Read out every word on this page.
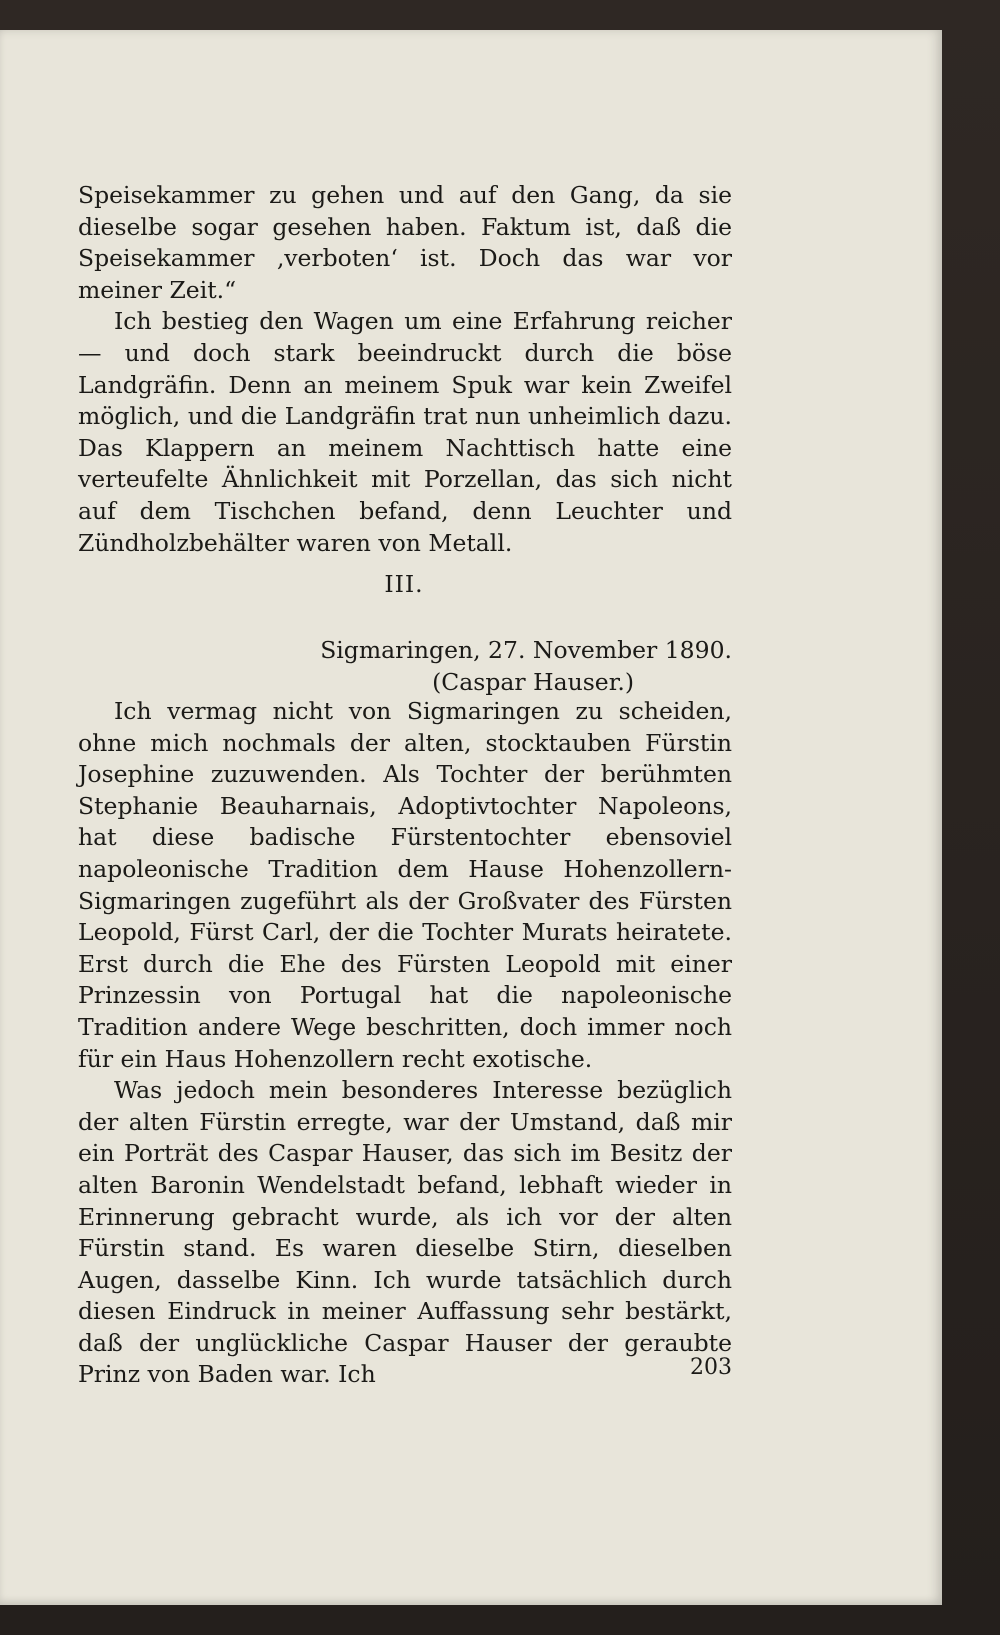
Speisekammer zu gehen und auf den Gang, da sie dieselbe sogar gesehen haben. Faktum ist, daß die Speisekammer ‚verboten‘ ist. Doch das war vor meiner Zeit.“

Ich bestieg den Wagen um eine Erfahrung reicher — und doch stark beeindruckt durch die böse Landgräfin. Denn an meinem Spuk war kein Zweifel möglich, und die Landgräfin trat nun unheimlich dazu. Das Klappern an meinem Nachttisch hatte eine verteufelte Ähnlichkeit mit Porzellan, das sich nicht auf dem Tischchen befand, denn Leuchter und Zündholzbehälter waren von Metall.

III.
Sigmaringen, 27. November 1890.
(Caspar Hauser.)

Ich vermag nicht von Sigmaringen zu scheiden, ohne mich nochmals der alten, stocktauben Fürstin Josephine zuzuwenden. Als Tochter der berühmten Stephanie Beauharnais, Adoptivtochter Napoleons, hat diese badische Fürstentochter ebensoviel napoleonische Tradition dem Hause Hohenzollern-Sigmaringen zugeführt als der Großvater des Fürsten Leopold, Fürst Carl, der die Tochter Murats heiratete. Erst durch die Ehe des Fürsten Leopold mit einer Prinzessin von Portugal hat die napoleonische Tradition andere Wege beschritten, doch immer noch für ein Haus Hohenzollern recht exotische.

Was jedoch mein besonderes Interesse bezüglich der alten Fürstin erregte, war der Umstand, daß mir ein Porträt des Caspar Hauser, das sich im Besitz der alten Baronin Wendelstadt befand, lebhaft wieder in Erinnerung gebracht wurde, als ich vor der alten Fürstin stand. Es waren dieselbe Stirn, dieselben Augen, dasselbe Kinn. Ich wurde tatsächlich durch diesen Eindruck in meiner Auffassung sehr bestärkt, daß der unglückliche Caspar Hauser der geraubte Prinz von Baden war. Ich	203
